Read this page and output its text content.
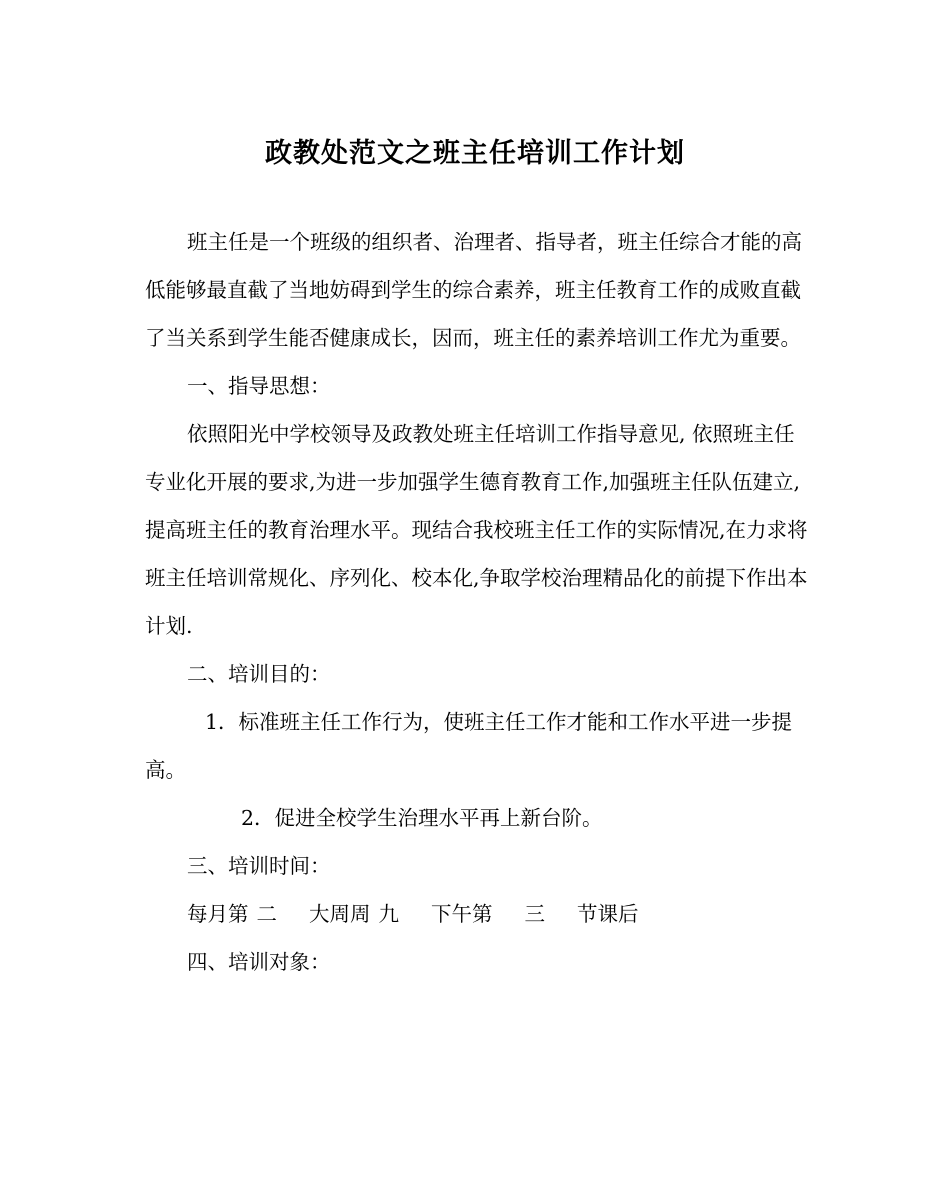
政教处范文之班主任培训工作计划

班主任是一个班级的组织者、治理者、指导者，班主任综合才能的高低能够最直截了当地妨碍到学生的综合素养，班主任教育工作的成败直截了当关系到学生能否健康成长，因而，班主任的素养培训工作尤为重要。

一、指导思想：

依照阳光中学校领导及政教处班主任培训工作指导意见, 依照班主任专业化开展的要求,为进一步加强学生德育教育工作,加强班主任队伍建立,提高班主任的教育治理水平。现结合我校班主任工作的实际情况,在力求将班主任培训常规化、序列化、校本化,争取学校治理精品化的前提下作出本计划.

二、培训目的：

1．标准班主任工作行为，使班主任工作才能和工作水平进一步提高。

2．促进全校学生治理水平再上新台阶。

三、培训时间：

每月第 二 大周周 九 下午第 三 节课后

四、培训对象：
